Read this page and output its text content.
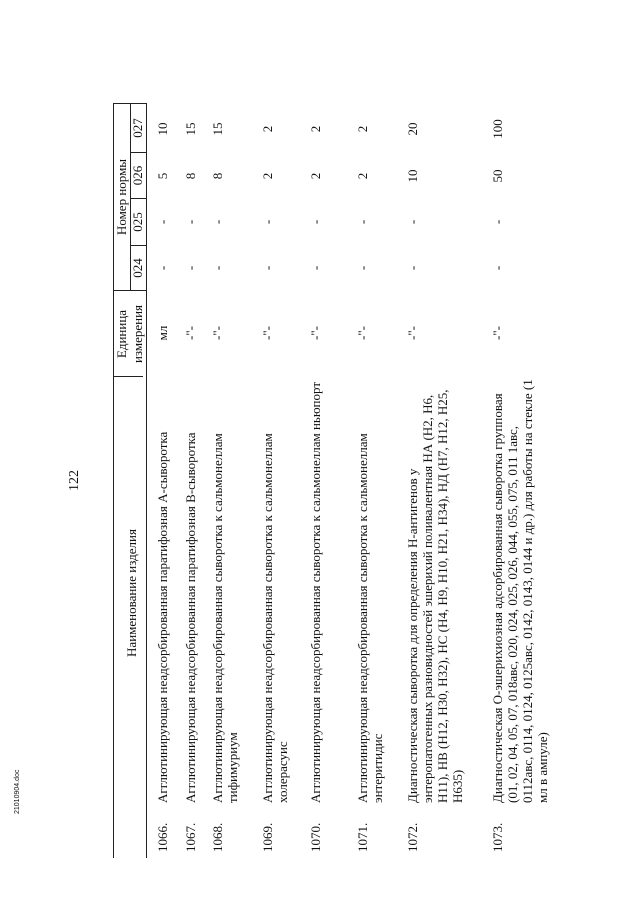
122
Наименование изделия
Единица измерения
Номер нормы
024
025
026
027
1066.
Агглютинирующая неадсорбированная паратифозная А-сыворотка
мл
-
-
5
10
1067.
Агглютинирующая неадсорбированная паратифозная В-сыворотка
-"-
-
-
8
15
1068.
Агглютинирующая неадсорбированная сыворотка к сальмонеллам тифимуриум
-"-
-
-
8
15
1069.
Агглютинирующая неадсорбированная сыворотка к сальмонеллам холерасуис
-"-
-
-
2
2
1070.
Агглютинирующая неадсорбированная сыворотка к сальмонеллам ньюпорт
-"-
-
-
2
2
1071.
Агглютинирующая неадсорбированная сыворотка к сальмонеллам энтеритидис
-"-
-
-
2
2
1072.
Диагностическая сыворотка для определения Н-антигенов у энтеропатогенных разновидностей эшерихий поливалентная НА (Н2, Н6, Н11), НВ (Н12, Н30, Н32), НС (Н4, Н9, Н10, Н21, Н34), НД (Н7, Н12, Н25, Н635)
-"-
-
-
10
20
1073.
Диагностическая О-эшерихиозная адсорбированная сыворотка групповая (01, 02, 04, 05, 07, 018авс, 020, 024, 025, 026, 044, 055, 075, 011 1авс, 0112авс, 0114, 0124, 0125авс, 0142, 0143, 0144 и др.) для работы на стекле (1 мл в ампуле)
-"-
-
-
50
100
21010904.doc
